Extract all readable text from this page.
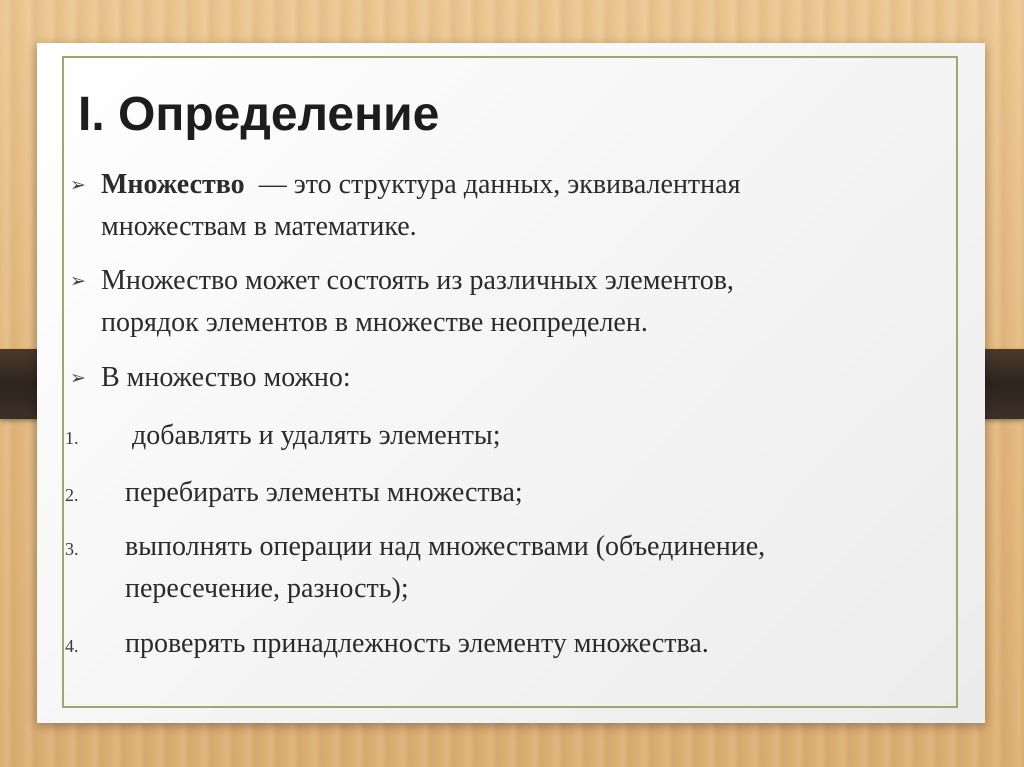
I. Определение
➢ Множество  — это структура данных, эквивалентная
множествам в математике.
➢ Множество может состоять из различных элементов,
порядок элементов в множестве неопределен.
➢ В множество можно:
1. добавлять и удалять элементы;
2. перебирать элементы множества;
3. выполнять операции над множествами (объединение,
пересечение, разность);
4. проверять принадлежность элементу множества.
